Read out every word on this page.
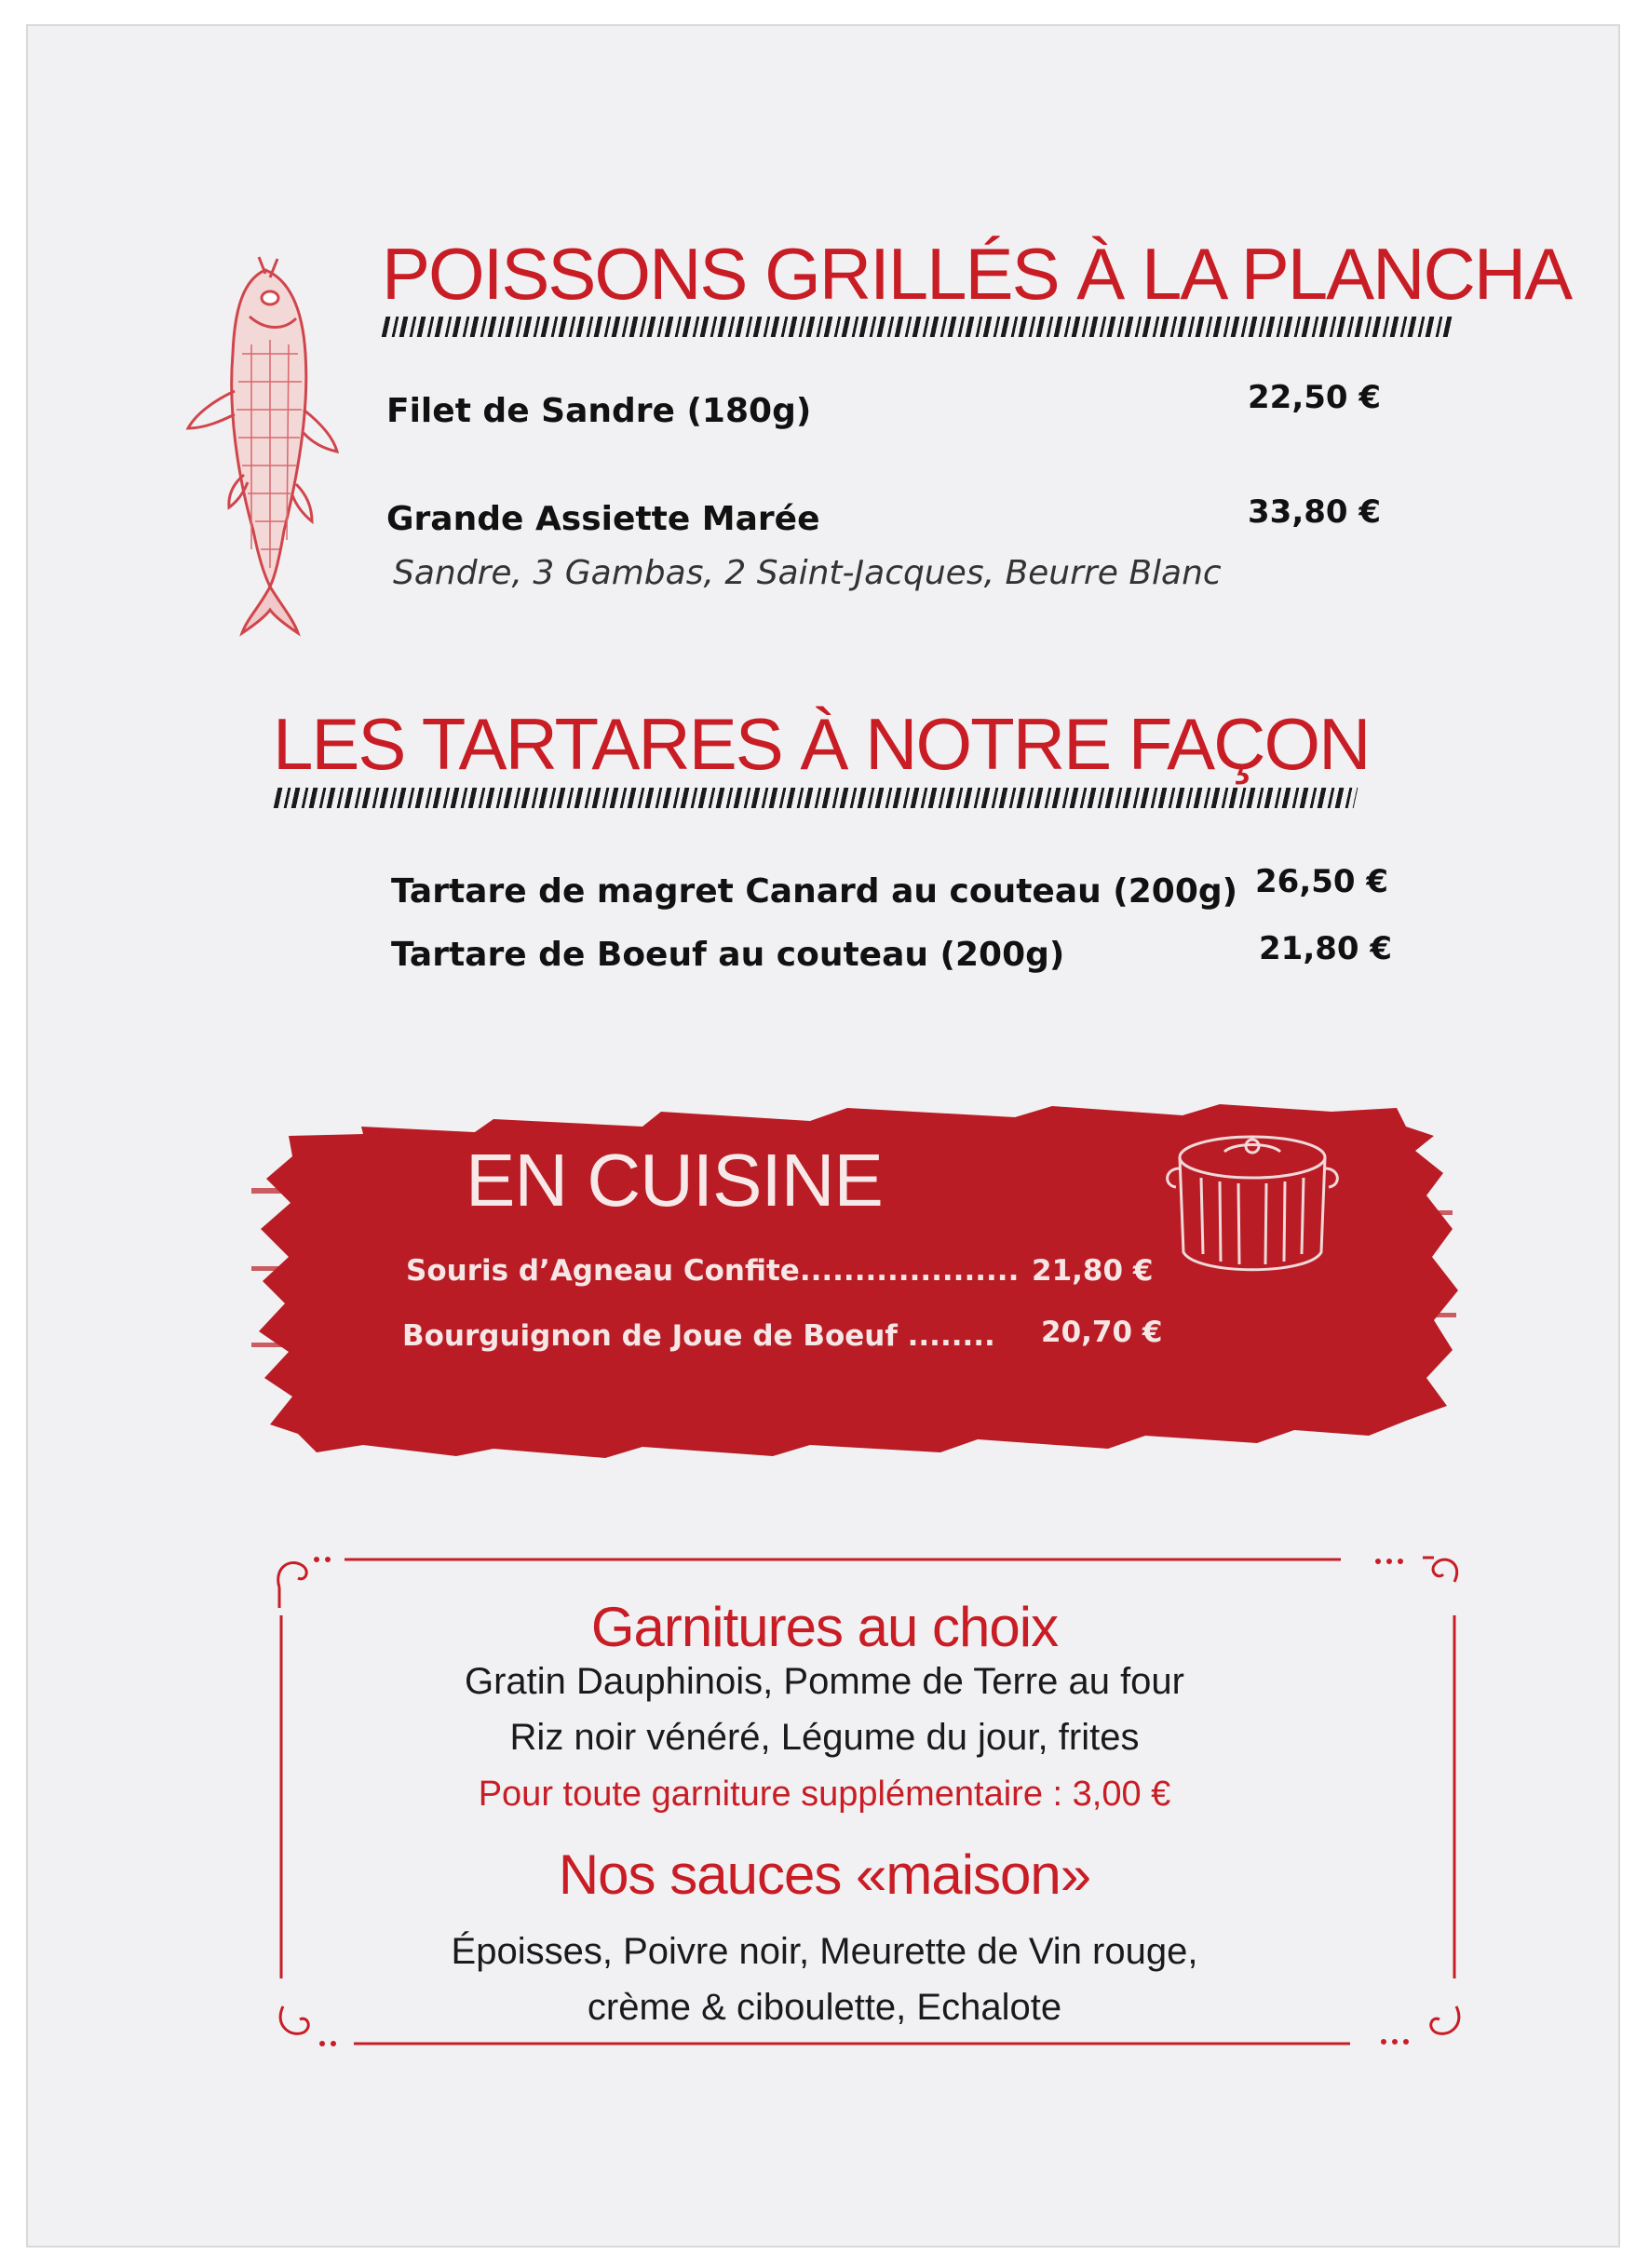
POISSONS GRILLÉS À LA PLANCHA
Filet de Sandre (180g)	22,50 €
Grande Assiette Marée	33,80 €
Sandre, 3 Gambas, 2 Saint-Jacques, Beurre Blanc
LES TARTARES À NOTRE FAÇON
Tartare de magret Canard au couteau (200g) 26,50 €
Tartare de Boeuf au couteau (200g)	21,80 €
EN CUISINE
Souris d’Agneau Confite.................... 21,80 €
Bourguignon de Joue de Boeuf ........ 20,70 €
Garnitures au choix
Gratin Dauphinois, Pomme de Terre au four
Riz noir vénéré, Légume du jour, frites
Pour toute garniture supplémentaire : 3,00 €
Nos sauces «maison»
Époisses, Poivre noir, Meurette de Vin rouge,
crème & ciboulette, Echalote
